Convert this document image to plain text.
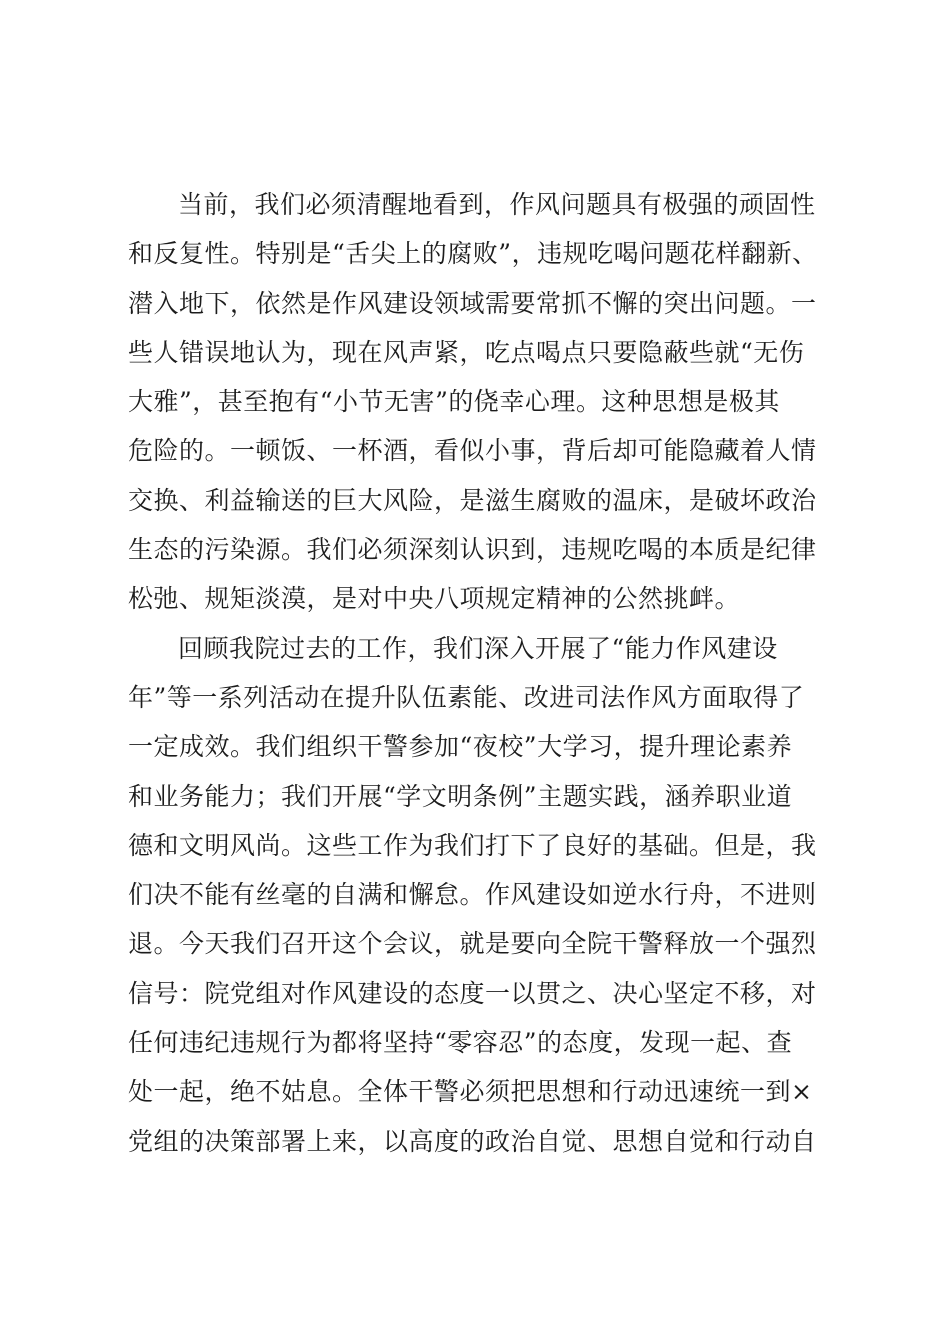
当前，我们必须清醒地看到，作风问题具有极强的顽固性
和反复性。特别是“舌尖上的腐败”，违规吃喝问题花样翻新、
潜入地下，依然是作风建设领域需要常抓不懈的突出问题。一
些人错误地认为，现在风声紧，吃点喝点只要隐蔽些就“无伤
大雅”，甚至抱有“小节无害”的侥幸心理。这种思想是极其
危险的。一顿饭、一杯酒，看似小事，背后却可能隐藏着人情
交换、利益输送的巨大风险，是滋生腐败的温床，是破坏政治
生态的污染源。我们必须深刻认识到，违规吃喝的本质是纪律
松弛、规矩淡漠，是对中央八项规定精神的公然挑衅。
回顾我院过去的工作，我们深入开展了“能力作风建设
年”等一系列活动在提升队伍素能、改进司法作风方面取得了
一定成效。我们组织干警参加“夜校”大学习，提升理论素养
和业务能力；我们开展“学文明条例”主题实践，涵养职业道
德和文明风尚。这些工作为我们打下了良好的基础。但是，我
们决不能有丝毫的自满和懈怠。作风建设如逆水行舟，不进则
退。今天我们召开这个会议，就是要向全院干警释放一个强烈
信号：院党组对作风建设的态度一以贯之、决心坚定不移，对
任何违纪违规行为都将坚持“零容忍”的态度，发现一起、查
处一起，绝不姑息。全体干警必须把思想和行动迅速统一到×
党组的决策部署上来，以高度的政治自觉、思想自觉和行动自
